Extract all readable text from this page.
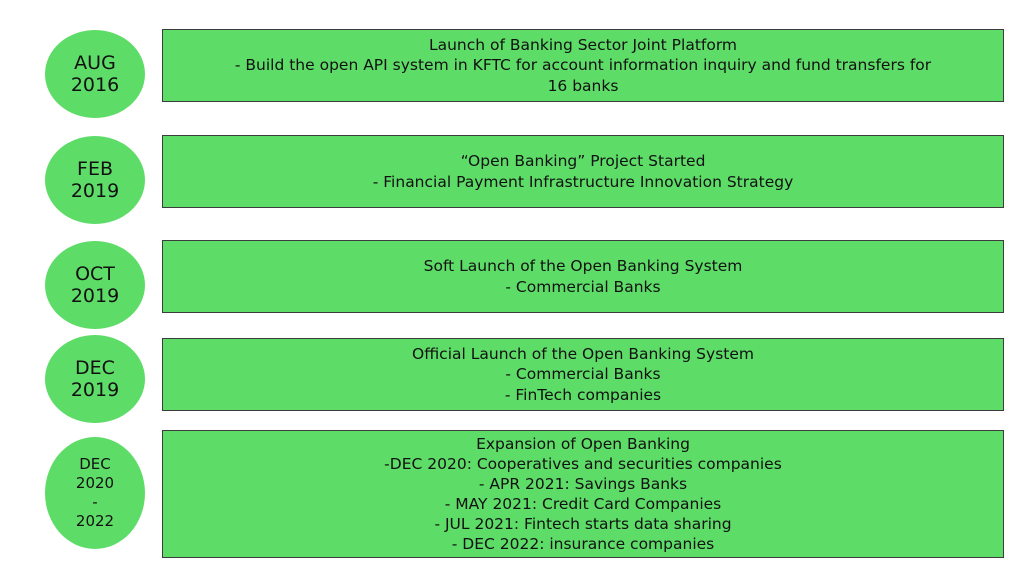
AUG
2016
Launch of Banking Sector Joint Platform
- Build the open API system in KFTC for account information inquiry and fund transfers for
16 banks
FEB
2019
“Open Banking” Project Started
- Financial Payment Infrastructure Innovation Strategy
OCT
2019
Soft Launch of the Open Banking System
- Commercial Banks
DEC
2019
Official Launch of the Open Banking System
- Commercial Banks
- FinTech companies
DEC
2020
-
2022
Expansion of Open Banking
-DEC 2020: Cooperatives and securities companies
- APR 2021: Savings Banks
- MAY 2021: Credit Card Companies
- JUL 2021: Fintech starts data sharing
- DEC 2022: insurance companies
